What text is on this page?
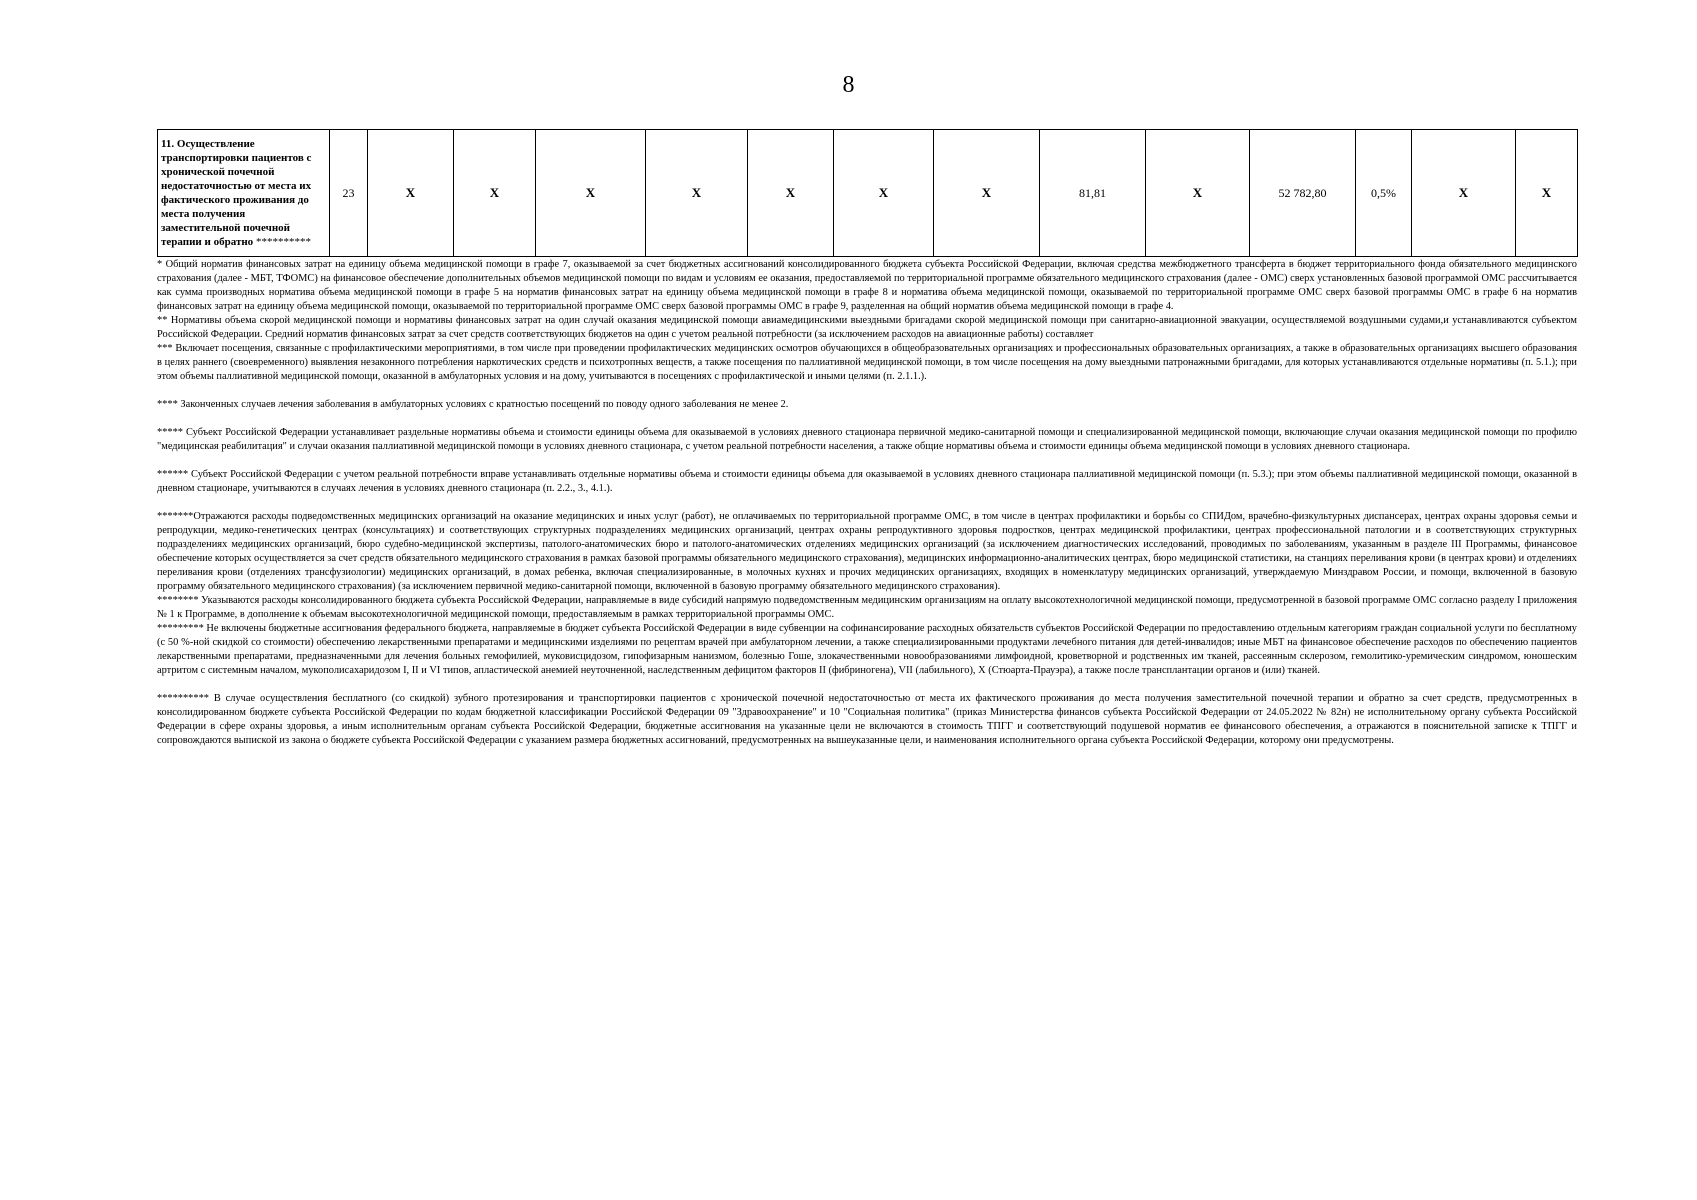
8
11. Осуществление транспортировки пациентов с хронической почечной недостаточностью от места их фактического проживания до места получения заместительной почечной терапии и обратно **********	23	X	X	X	X	X	X	X	81,81	X	52 782,80	0,5%	X	X

* Общий норматив финансовых затрат на единицу объема медицинской помощи в графе 7, оказываемой за счет бюджетных ассигнований консолидированного бюджета субъекта Российской Федерации, включая средства межбюджетного трансферта в бюджет территориального фонда обязательного медицинского страхования (далее - МБТ, ТФОМС) на финансовое обеспечение дополнительных объемов медицинской помощи по видам и условиям ее оказания, предоставляемой по территориальной программе обязательного медицинского страхования (далее - ОМС) сверх установленных базовой программой ОМС рассчитывается как сумма производных норматива объема медицинской помощи в графе 5 на норматив финансовых затрат на единицу объема медицинской помощи в графе 8 и норматива объема медицинской помощи, оказываемой по территориальной программе ОМС сверх базовой программы ОМС в графе 6 на норматив финансовых затрат на единицу объема медицинской помощи, оказываемой по территориальной программе ОМС сверх базовой программы ОМС в графе 9, разделенная на общий норматив объема медицинской помощи в графе 4.

** Нормативы объема скорой медицинской помощи и нормативы финансовых затрат на один случай оказания медицинской помощи авиамедицинскими выездными бригадами скорой медицинской помощи при санитарно-авиационной эвакуации, осуществляемой воздушными судами,и устанавливаются субъектом Российской Федерации. Средний норматив финансовых затрат за счет средств соответствующих бюджетов на один с учетом реальной потребности (за исключением расходов на авиационные работы) составляет

*** Включает посещения, связанные с профилактическими мероприятиями, в том числе при проведении профилактических медицинских осмотров обучающихся в общеобразовательных организациях и профессиональных образовательных организациях, а также в образовательных организациях высшего образования в целях раннего (своевременного) выявления незаконного потребления наркотических средств и психотропных веществ, а также посещения по паллиативной медицинской помощи, в том числе посещения на дому выездными патронажными бригадами, для которых устанавливаются отдельные нормативы (п. 5.1.); при этом объемы паллиативной медицинской помощи, оказанной в амбулаторных условия и на дому, учитываются в посещениях с профилактической и иными целями (п. 2.1.1.).

**** Законченных случаев лечения заболевания в амбулаторных условиях с кратностью посещений по поводу одного заболевания не менее 2.

***** Субъект Российской Федерации устанавливает раздельные нормативы объема и стоимости единицы объема для оказываемой в условиях дневного стационара первичной медико-санитарной помощи и специализированной медицинской помощи, включающие случаи оказания медицинской помощи по профилю "медицинская реабилитация" и случаи оказания паллиативной медицинской помощи в условиях дневного стационара, с учетом реальной потребности населения, а также общие нормативы объема и стоимости единицы объема медицинской помощи в условиях дневного стационара.

****** Субъект Российской Федерации с учетом реальной потребности вправе устанавливать отдельные нормативы объема и стоимости единицы объема для оказываемой в условиях дневного стационара паллиативной медицинской помощи (п. 5.3.); при этом объемы паллиативной медицинской помощи, оказанной в дневном стационаре, учитываются в случаях лечения в условиях дневного стационара (п. 2.2., 3., 4.1.).

*******Отражаются расходы подведомственных медицинских организаций на оказание медицинских и иных услуг (работ), не оплачиваемых по территориальной программе ОМС, в том числе в центрах профилактики и борьбы со СПИДом, врачебно-физкультурных диспансерах, центрах охраны здоровья семьи и репродукции, медико-генетических центрах (консультациях) и соответствующих структурных подразделениях медицинских организаций, центрах охраны репродуктивного здоровья подростков, центрах медицинской профилактики, центрах профессиональной патологии и в соответствующих структурных подразделениях медицинских организаций, бюро судебно-медицинской экспертизы, патолого-анатомических бюро и патолого-анатомических отделениях медицинских организаций (за исключением диагностических исследований, проводимых по заболеваниям, указанным в разделе III Программы, финансовое обеспечение которых осуществляется за счет средств обязательного медицинского страхования в рамках базовой программы обязательного медицинского страхования), медицинских информационно-аналитических центрах, бюро медицинской статистики, на станциях переливания крови (в центрах крови) и отделениях переливания крови (отделениях трансфузиологии) медицинских организаций, в домах ребенка, включая специализированные, в молочных кухнях и прочих медицинских организациях, входящих в номенклатуру медицинских организаций, утверждаемую Минздравом России, и помощи, включенной в базовую программу обязательного медицинского страхования) (за исключением первичной медико-санитарной помощи, включенной в базовую программу обязательного медицинского страхования).

******** Указываются расходы консолидированного бюджета субъекта Российской Федерации, направляемые в виде субсидий напрямую подведомственным медицинским организациям на оплату высокотехнологичной медицинской помощи, предусмотренной в базовой программе ОМС согласно разделу I приложения № 1 к Программе, в дополнение к объемам высокотехнологичной медицинской помощи, предоставляемым в рамках территориальной программы ОМС.

********* Не включены бюджетные ассигнования федерального бюджета, направляемые в бюджет субъекта Российской Федерации в виде субвенции на софинансирование расходных обязательств субъектов Российской Федерации по предоставлению отдельным категориям граждан социальной услуги по бесплатному (с 50 %-ной скидкой со стоимости) обеспечению лекарственными препаратами и медицинскими изделиями по рецептам врачей при амбулаторном лечении, а также специализированными продуктами лечебного питания для детей-инвалидов; иные МБТ на финансовое обеспечение расходов по обеспечению пациентов лекарственными препаратами, предназначенными для лечения больных гемофилией, муковисцидозом, гипофизарным нанизмом, болезнью Гоше, злокачественными новообразованиями лимфоидной, кроветворной и родственных им тканей, рассеянным склерозом, гемолитико-уремическим синдромом, юношеским артритом с системным началом, мукополисахаридозом I, II и VI типов, апластической анемией неуточненной, наследственным дефицитом факторов II (фибриногена), VII (лабильного), X (Стюарта-Прауэра), а также после трансплантации органов и (или) тканей.

********** В случае осуществления бесплатного (со скидкой) зубного протезирования и транспортировки пациентов с хронической почечной недостаточностью от места их фактического проживания до места получения заместительной почечной терапии и обратно за счет средств, предусмотренных в консолидированном бюджете субъекта Российской Федерации по кодам бюджетной классификации Российской Федерации 09 "Здравоохранение" и 10 "Социальная политика" (приказ Министерства финансов субъекта Российской Федерации от 24.05.2022 № 82н) не исполнительному органу субъекта Российской Федерации в сфере охраны здоровья, а иным исполнительным органам субъекта Российской Федерации, бюджетные ассигнования на указанные цели не включаются в стоимость ТПГГ и соответствующий подушевой норматив ее финансового обеспечения, а отражаются в пояснительной записке к ТПГГ и сопровождаются выпиской из закона о бюджете субъекта Российской Федерации с указанием размера бюджетных ассигнований, предусмотренных на вышеуказанные цели, и наименования исполнительного органа субъекта Российской Федерации, которому они предусмотрены.
